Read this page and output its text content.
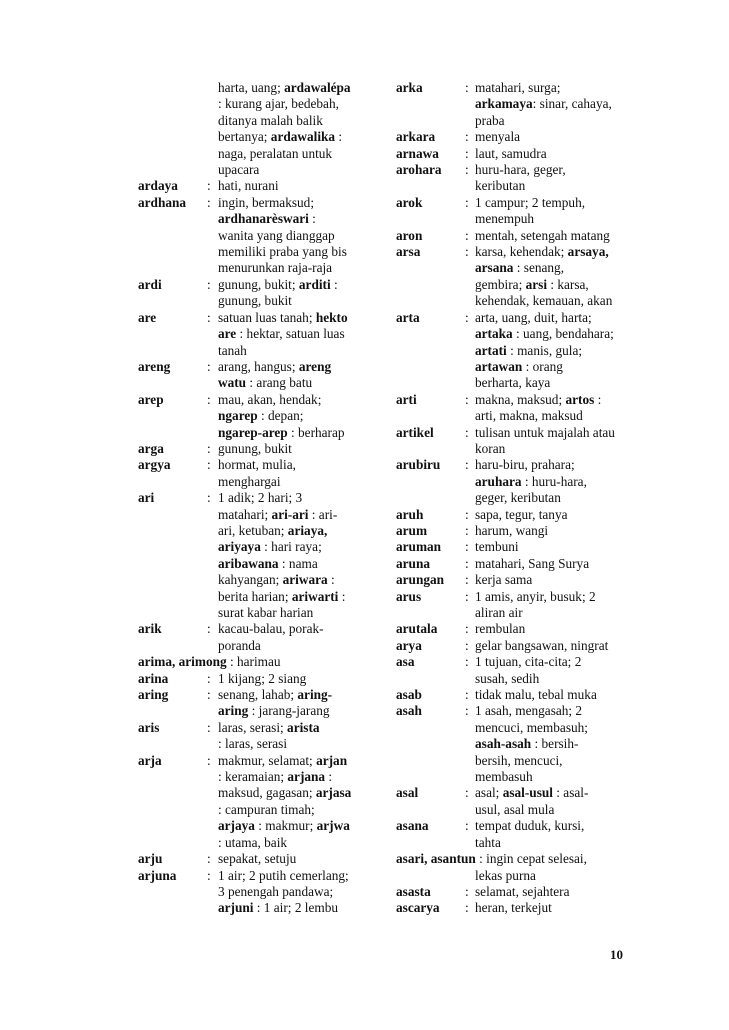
harta, uang; ardawalépa
: kurang ajar, bedebah,
ditanya malah balik
bertanya; ardawalika :
naga, peralatan untuk
upacara
ardaya : hati, nurani
ardhana : ingin, bermaksud;
ardhanarèswari :
wanita yang dianggap
memiliki praba yang bis
menurunkan raja-raja
ardi	: gunung, bukit; arditi :
gunung, bukit
are	: satuan luas tanah; hekto
are : hektar, satuan luas
tanah
areng	: arang, hangus; areng
watu : arang batu
arep	: mau, akan, hendak;
ngarep : depan;
ngarep-arep : berharap
arga	: gunung, bukit
argya	: hormat, mulia,
menghargai
ari	: 1 adik; 2 hari; 3
matahari; ari-ari : ari-
ari, ketuban; ariaya,
ariyaya : hari raya;
aribawana : nama
kahyangan; ariwara :
berita harian; ariwarti :
surat kabar harian
arik	: kacau-balau, porak-
poranda
arima, arimong : harimau
arina	: 1 kijang; 2 siang
aring	: senang, lahab; aring-
aring : jarang-jarang
aris	: laras, serasi; arista
: laras, serasi
arja	: makmur, selamat; arjan
: keramaian; arjana :
maksud, gagasan; arjasa
: campuran timah;
arjaya : makmur; arjwa
: utama, baik
arju	: sepakat, setuju
arjuna : 1 air; 2 putih cemerlang;
3 penengah pandawa;
arjuni : 1 air; 2 lembu
arka	: matahari, surga;
arkamaya: sinar, cahaya,
praba
arkara : menyala
arnawa : laut, samudra
arohara : huru-hara, geger,
keributan
arok	: 1 campur; 2 tempuh,
menempuh
aron	: mentah, setengah matang
arsa	: karsa, kehendak; arsaya,
arsana : senang,
gembira; arsi : karsa,
kehendak, kemauan, akan
arta	: arta, uang, duit, harta;
artaka : uang, bendahara;
artati : manis, gula;
artawan : orang
berharta, kaya
arti	: makna, maksud; artos :
arti, makna, maksud
artikel : tulisan untuk majalah atau
koran
arubiru : haru-biru, prahara;
aruhara : huru-hara,
geger, keributan
aruh	: sapa, tegur, tanya
arum	: harum, wangi
aruman : tembuni
aruna	: matahari, Sang Surya
arungan : kerja sama
arus	: 1 amis, anyir, busuk; 2
aliran air
arutala : rembulan
arya	: gelar bangsawan, ningrat
asa	: 1 tujuan, cita-cita; 2
susah, sedih
asab	: tidak malu, tebal muka
asah	: 1 asah, mengasah; 2
mencuci, membasuh;
asah-asah : bersih-
bersih, mencuci,
membasuh
asal	: asal; asal-usul : asal-
usul, asal mula
asana	: tempat duduk, kursi,
tahta
asari, asantun : ingin cepat selesai,
lekas purna
asasta	: selamat, sejahtera
ascarya : heran, terkejut
10
